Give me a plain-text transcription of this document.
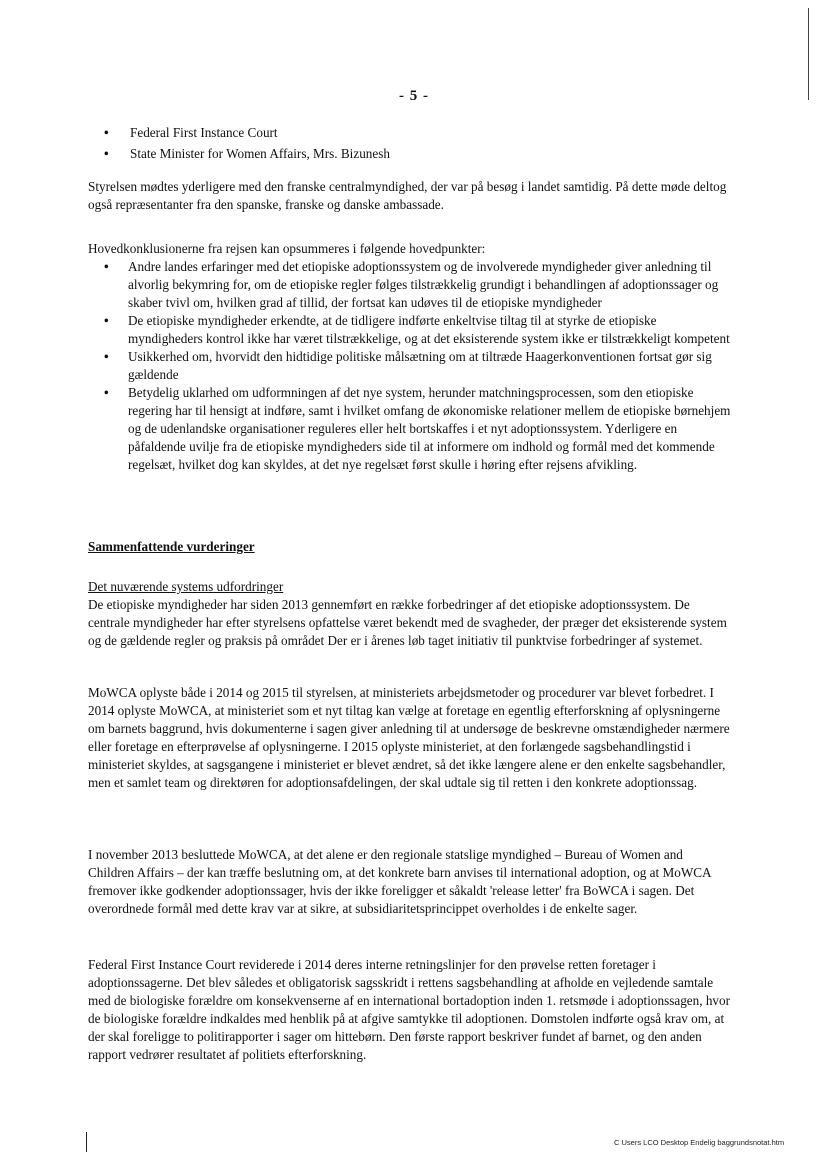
- 5 -
• Federal First Instance Court
• State Minister for Women Affairs, Mrs. Bizunesh
Styrelsen mødtes yderligere med den franske centralmyndighed, der var på besøg i landet samtidig. På dette møde deltog også repræsentanter fra den spanske, franske og danske ambassade.
Hovedkonklusionerne fra rejsen kan opsummeres i følgende hovedpunkter:
• Andre landes erfaringer med det etiopiske adoptionssystem og de involverede myndigheder giver anledning til alvorlig bekymring for, om de etiopiske regler følges tilstrækkelig grundigt i behandlingen af adoptionssager og skaber tvivl om, hvilken grad af tillid, der fortsat kan udøves til de etiopiske myndigheder
• De etiopiske myndigheder erkendte, at de tidligere indførte enkeltvise tiltag til at styrke de etiopiske myndigheders kontrol ikke har været tilstrækkelige, og at det eksisterende system ikke er tilstrækkeligt kompetent
• Usikkerhed om, hvorvidt den hidtidige politiske målsætning om at tiltræde Haagerkonventionen fortsat gør sig gældende
• Betydelig uklarhed om udformningen af det nye system, herunder matchningsprocessen, som den etiopiske regering har til hensigt at indføre, samt i hvilket omfang de økonomiske relationer mellem de etiopiske børnehjem og de udenlandske organisationer reguleres eller helt bortskaffes i et nyt adoptionssystem. Yderligere en påfaldende uvilje fra de etiopiske myndigheders side til at informere om indhold og formål med det kommende regelsæt, hvilket dog kan skyldes, at det nye regelsæt først skulle i høring efter rejsens afvikling.
Sammenfattende vurderinger
Det nuværende systems udfordringer
De etiopiske myndigheder har siden 2013 gennemført en række forbedringer af det etiopiske adoptionssystem. De centrale myndigheder har efter styrelsens opfattelse været bekendt med de svagheder, der præger det eksisterende system og de gældende regler og praksis på området Der er i årenes løb taget initiativ til punktvise forbedringer af systemet.
MoWCA oplyste både i 2014 og 2015 til styrelsen, at ministeriets arbejdsmetoder og procedurer var blevet forbedret. I 2014 oplyste MoWCA, at ministeriet som et nyt tiltag kan vælge at foretage en egentlig efterforskning af oplysningerne om barnets baggrund, hvis dokumenterne i sagen giver anledning til at undersøge de beskrevne omstændigheder nærmere eller foretage en efterprøvelse af oplysningerne. I 2015 oplyste ministeriet, at den forlængede sagsbehandlingstid i ministeriet skyldes, at sagsgangene i ministeriet er blevet ændret, så det ikke længere alene er den enkelte sagsbehandler, men et samlet team og direktøren for adoptionsafdelingen, der skal udtale sig til retten i den konkrete adoptionssag.
I november 2013 besluttede MoWCA, at det alene er den regionale statslige myndighed – Bureau of Women and Children Affairs – der kan træffe beslutning om, at det konkrete barn anvises til international adoption, og at MoWCA fremover ikke godkender adoptionssager, hvis der ikke foreligger et såkaldt 'release letter' fra BoWCA i sagen. Det overordnede formål med dette krav var at sikre, at subsidiaritetsprincippet overholdes i de enkelte sager.
Federal First Instance Court reviderede i 2014 deres interne retningslinjer for den prøvelse retten foretager i adoptionssagerne. Det blev således et obligatorisk sagsskridt i rettens sagsbehandling at afholde en vejledende samtale med de biologiske forældre om konsekvenserne af en international bortadoption inden 1. retsmøde i adoptionssagen, hvor de biologiske forældre indkaldes med henblik på at afgive samtykke til adoptionen. Domstolen indførte også krav om, at der skal foreligge to politirapporter i sager om hittebørn. Den første rapport beskriver fundet af barnet, og den anden rapport vedrører resultatet af politiets efterforskning.
C Users LCO Desktop Endelig baggrundsnotat.htm
